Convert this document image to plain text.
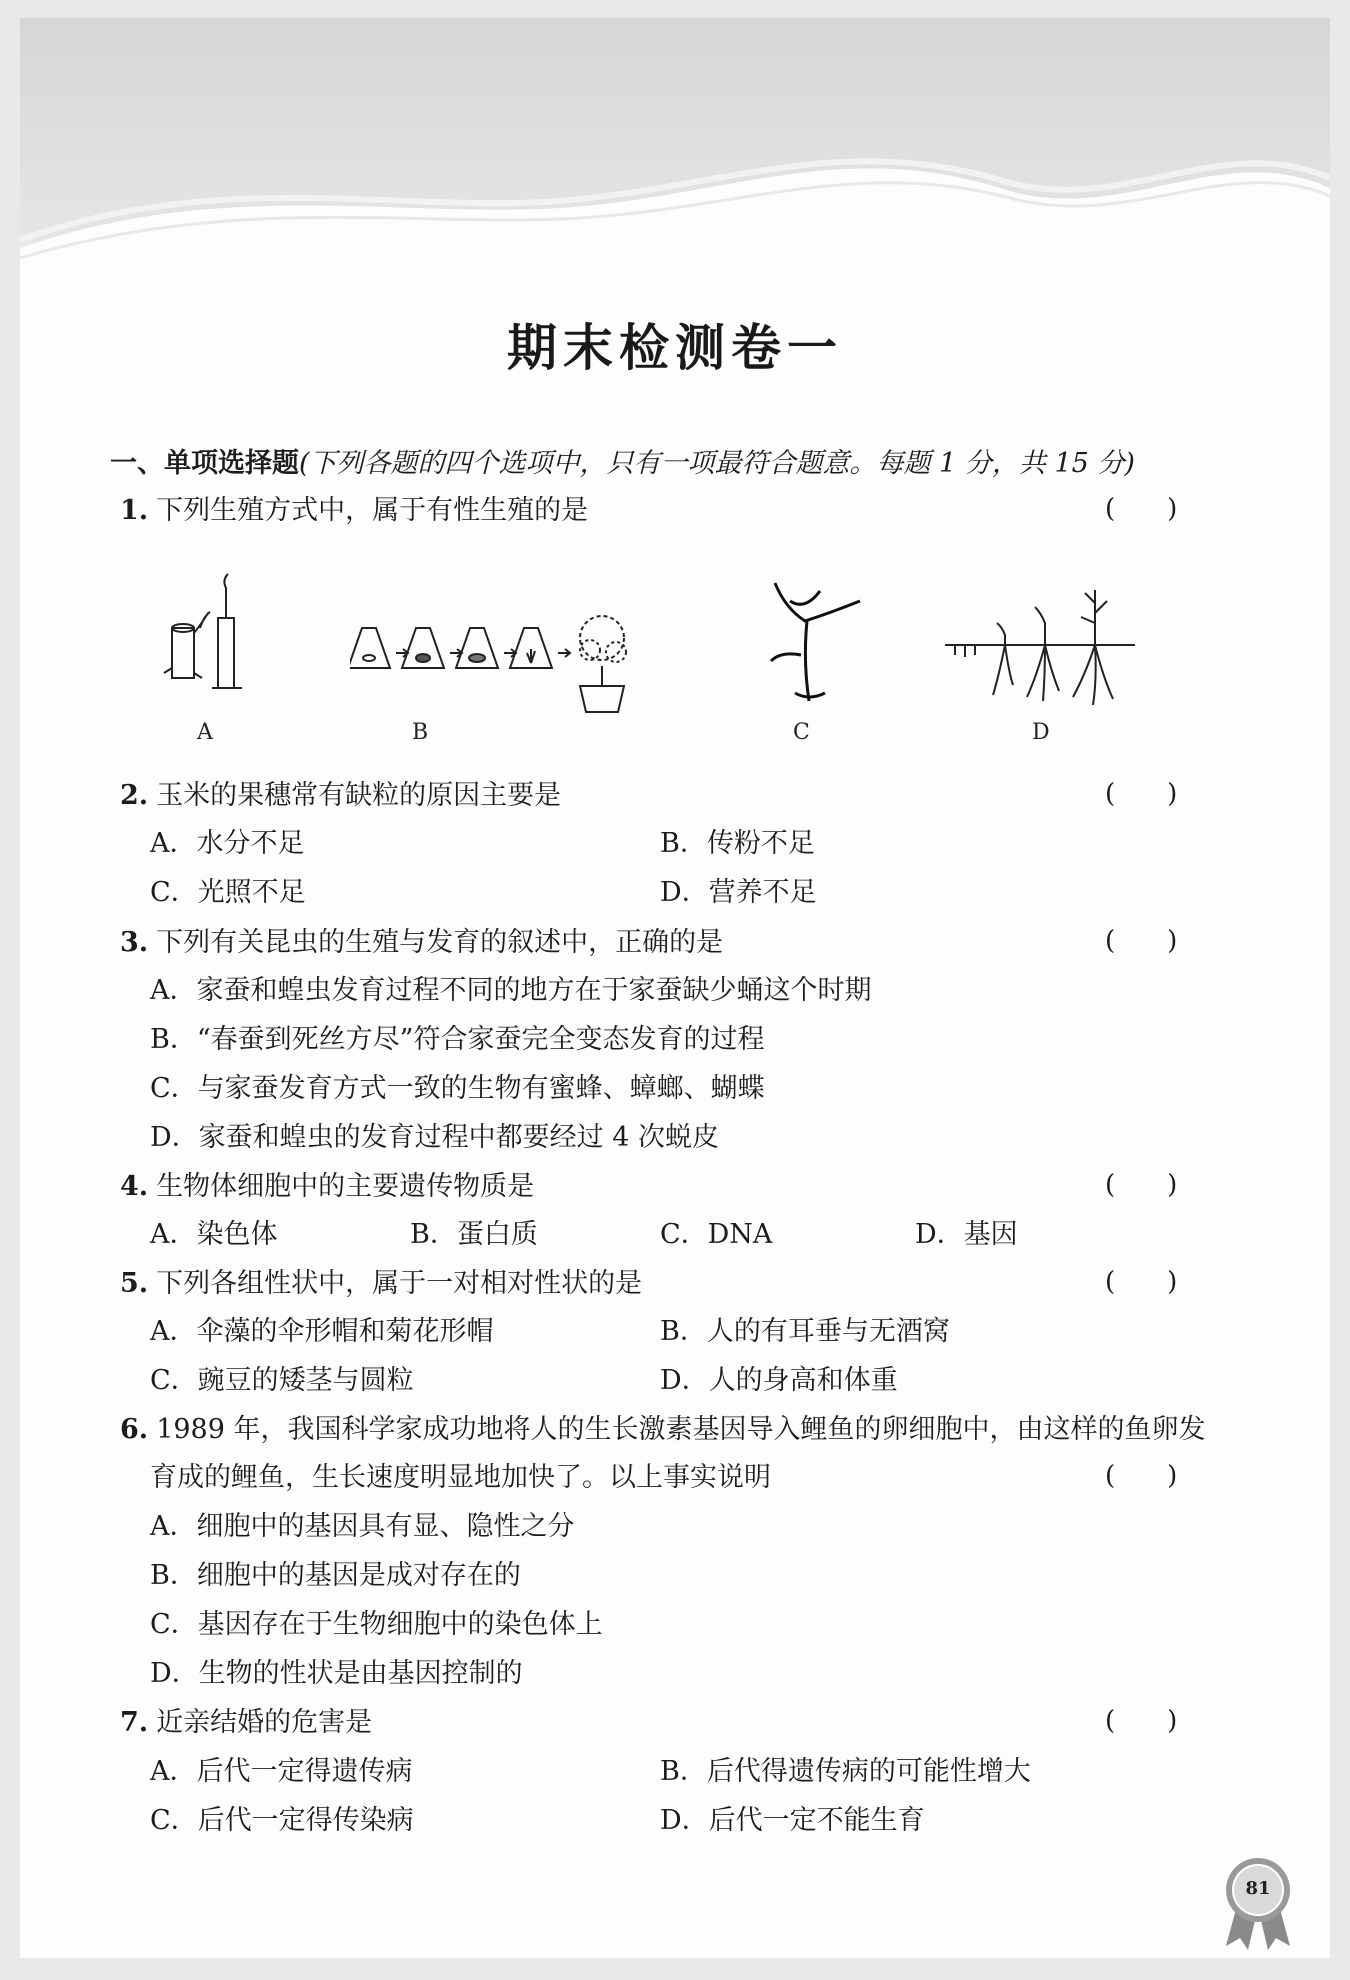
期末检测卷一
一、单项选择题(下列各题的四个选项中，只有一项最符合题意。每题 1 分，共 15 分)
1. 下列生殖方式中，属于有性生殖的是	(　　)
A	B	C	D
2. 玉米的果穗常有缺粒的原因主要是	(　　)
A．水分不足	B．传粉不足
C．光照不足	D．营养不足
3. 下列有关昆虫的生殖与发育的叙述中，正确的是	(　　)
A．家蚕和蝗虫发育过程不同的地方在于家蚕缺少蛹这个时期
B．“春蚕到死丝方尽”符合家蚕完全变态发育的过程
C．与家蚕发育方式一致的生物有蜜蜂、蟑螂、蝴蝶
D．家蚕和蝗虫的发育过程中都要经过 4 次蜕皮
4. 生物体细胞中的主要遗传物质是	(　　)
A．染色体	B．蛋白质	C．DNA	D．基因
5. 下列各组性状中，属于一对相对性状的是	(　　)
A．伞藻的伞形帽和菊花形帽	B．人的有耳垂与无酒窝
C．豌豆的矮茎与圆粒	D．人的身高和体重
6. 1989 年，我国科学家成功地将人的生长激素基因导入鲤鱼的卵细胞中，由这样的鱼卵发
育成的鲤鱼，生长速度明显地加快了。以上事实说明	(　　)
A．细胞中的基因具有显、隐性之分
B．细胞中的基因是成对存在的
C．基因存在于生物细胞中的染色体上
D．生物的性状是由基因控制的
7. 近亲结婚的危害是	(　　)
A．后代一定得遗传病	B．后代得遗传病的可能性增大
C．后代一定得传染病	D．后代一定不能生育
81
